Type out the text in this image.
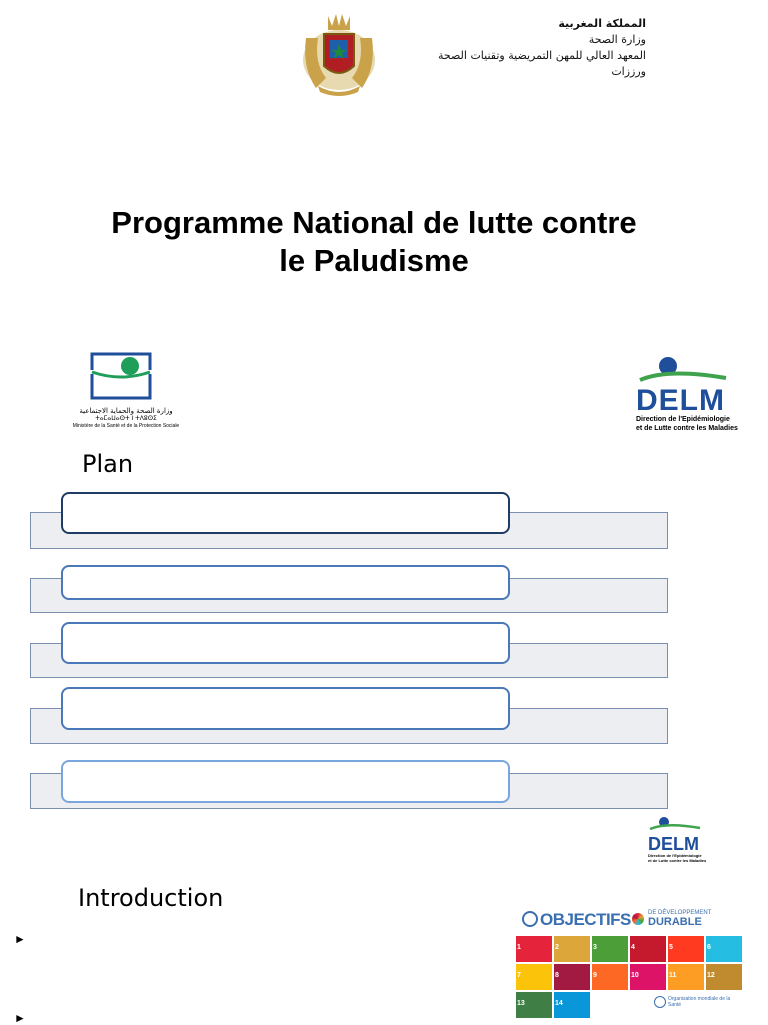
المملكة المغربية
وزارة الصحة
المعهد العالي للمهن التمريضية وتقنيات الصحة
ورززات
Programme National de lutte contre
le Paludisme
وزارة الصحة والحماية الاجتماعية
ⵜⴰⵎⴰⵡⴰⵙⵜ ⵏ ⵜⴷⵓⵙⵉ
Ministère de la Santé et de la Protection Sociale
DELM
Direction de l'Epidémiologie
et de Lutte contre les Maladies
Plan
DELM
Direction de l'Epidémiologie
et de Lutte contre les Maladies
Introduction
►
►
OBJECTIFS	DE DÉVELOPPEMENT
DURABLE
1	2	3	4	5	6
7	8	9	10	11	12
13	14
Organisation mondiale de la Santé
